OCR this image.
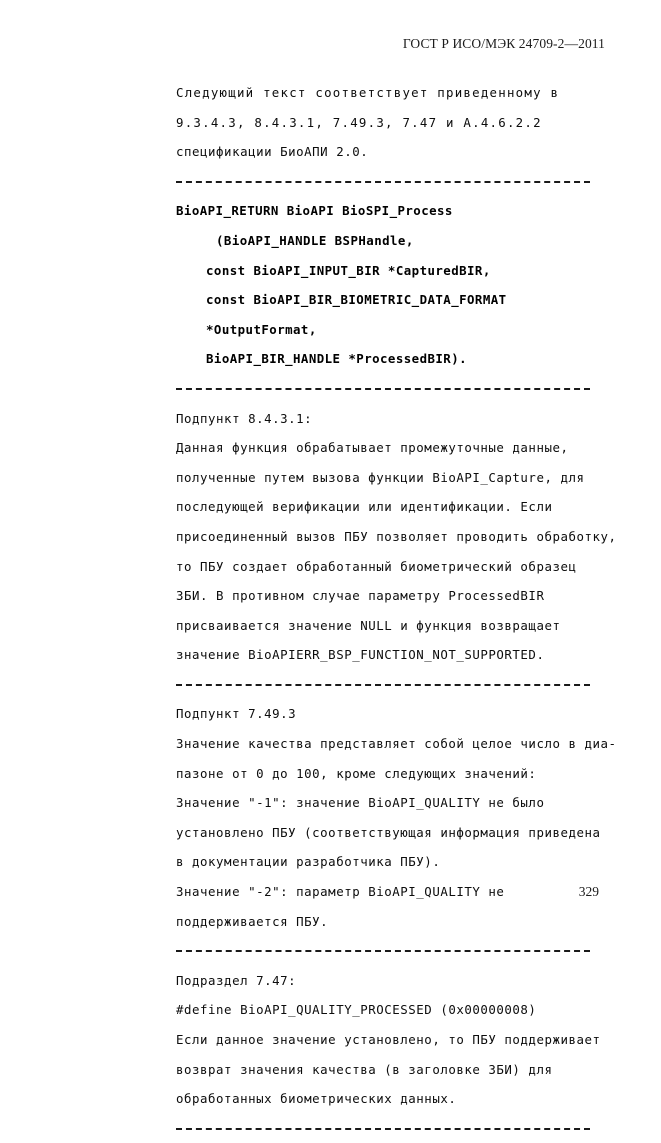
ГОСТ Р ИСО/МЭК 24709-2—2011
Следующий текст соответствует приведенному в
9.3.4.3, 8.4.3.1, 7.49.3, 7.47 и А.4.6.2.2
спецификации БиоАПИ 2.0.
BioAPI_RETURN BioAPI BioSPI_Process
(BioAPI_HANDLE BSPHandle,
const BioAPI_INPUT_BIR *CapturedBIR,
const BioAPI_BIR_BIOMETRIC_DATA_FORMAT
*OutputFormat,
BioAPI_BIR_HANDLE *ProcessedBIR).
Подпункт 8.4.3.1:
Данная функция обрабатывает промежуточные данные,
полученные путем вызова функции BioAPI_Capture, для
последующей верификации или идентификации. Если
присоединенный вызов ПБУ позволяет проводить обработку,
то ПБУ создает обработанный биометрический образец
ЗБИ. В противном случае параметру ProcessedBIR
присваивается значение NULL и функция возвращает
значение BioAPIERR_BSP_FUNCTION_NOT_SUPPORTED.
Подпункт 7.49.3
Значение качества представляет собой целое число в диа-
пазоне от 0 до 100, кроме следующих значений:
Значение "-1": значение BioAPI_QUALITY не было
установлено ПБУ (соответствующая информация приведена
в документации разработчика ПБУ).
Значение "-2": параметр BioAPI_QUALITY не
поддерживается ПБУ.
Подраздел 7.47:
#define BioAPI_QUALITY_PROCESSED (0x00000008)
Если данное значение установлено, то ПБУ поддерживает
возврат значения качества (в заголовке ЗБИ) для
обработанных биометрических данных.
329
